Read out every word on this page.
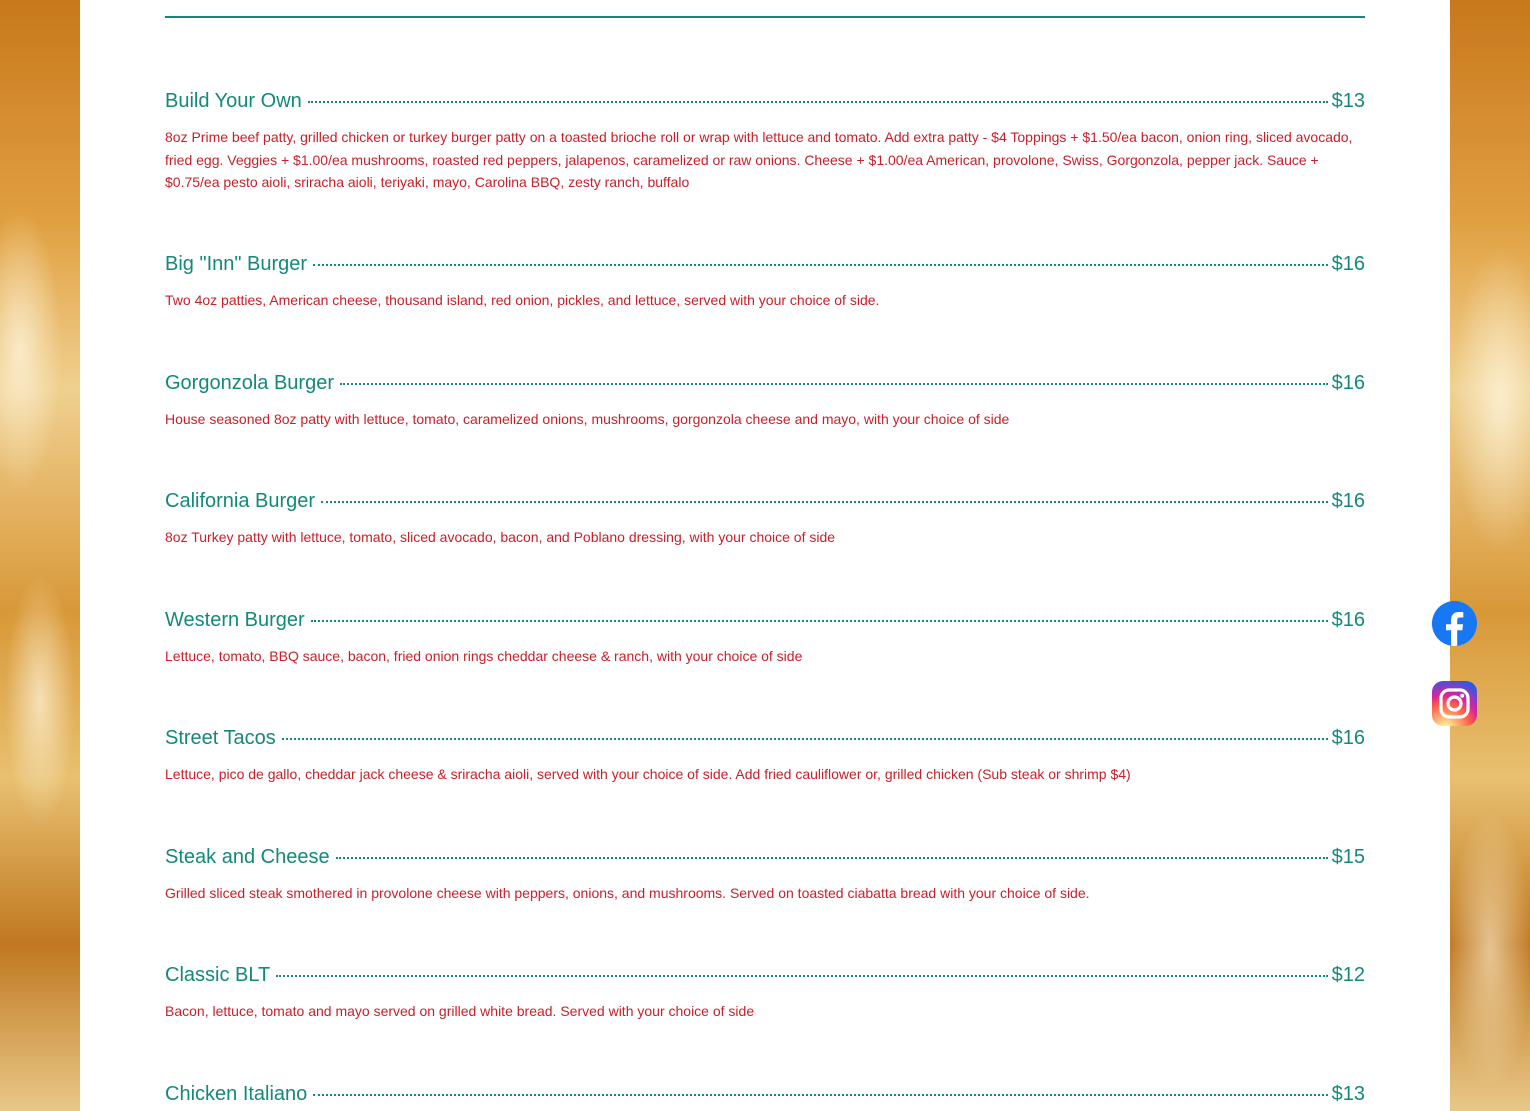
Build Your Own	$13
8oz Prime beef patty, grilled chicken or turkey burger patty on a toasted brioche roll or wrap with lettuce and tomato. Add extra patty - $4 Toppings + $1.50/ea bacon, onion ring, sliced avocado, fried egg. Veggies + $1.00/ea mushrooms, roasted red peppers, jalapenos, caramelized or raw onions. Cheese + $1.00/ea American, provolone, Swiss, Gorgonzola, pepper jack. Sauce + $0.75/ea pesto aioli, sriracha aioli, teriyaki, mayo, Carolina BBQ, zesty ranch, buffalo
Big "Inn" Burger	$16
Two 4oz patties, American cheese, thousand island, red onion, pickles, and lettuce, served with your choice of side.
Gorgonzola Burger	$16
House seasoned 8oz patty with lettuce, tomato, caramelized onions, mushrooms, gorgonzola cheese and mayo, with your choice of side
California Burger	$16
8oz Turkey patty with lettuce, tomato, sliced avocado, bacon, and Poblano dressing, with your choice of side
Western Burger	$16
Lettuce, tomato, BBQ sauce, bacon, fried onion rings cheddar cheese & ranch, with your choice of side
Street Tacos	$16
Lettuce, pico de gallo, cheddar jack cheese & sriracha aioli, served with your choice of side. Add fried cauliflower or, grilled chicken (Sub steak or shrimp $4)
Steak and Cheese	$15
Grilled sliced steak smothered in provolone cheese with peppers, onions, and mushrooms. Served on toasted ciabatta bread with your choice of side.
Classic BLT	$12
Bacon, lettuce, tomato and mayo served on grilled white bread. Served with your choice of side
Chicken Italiano	$13
